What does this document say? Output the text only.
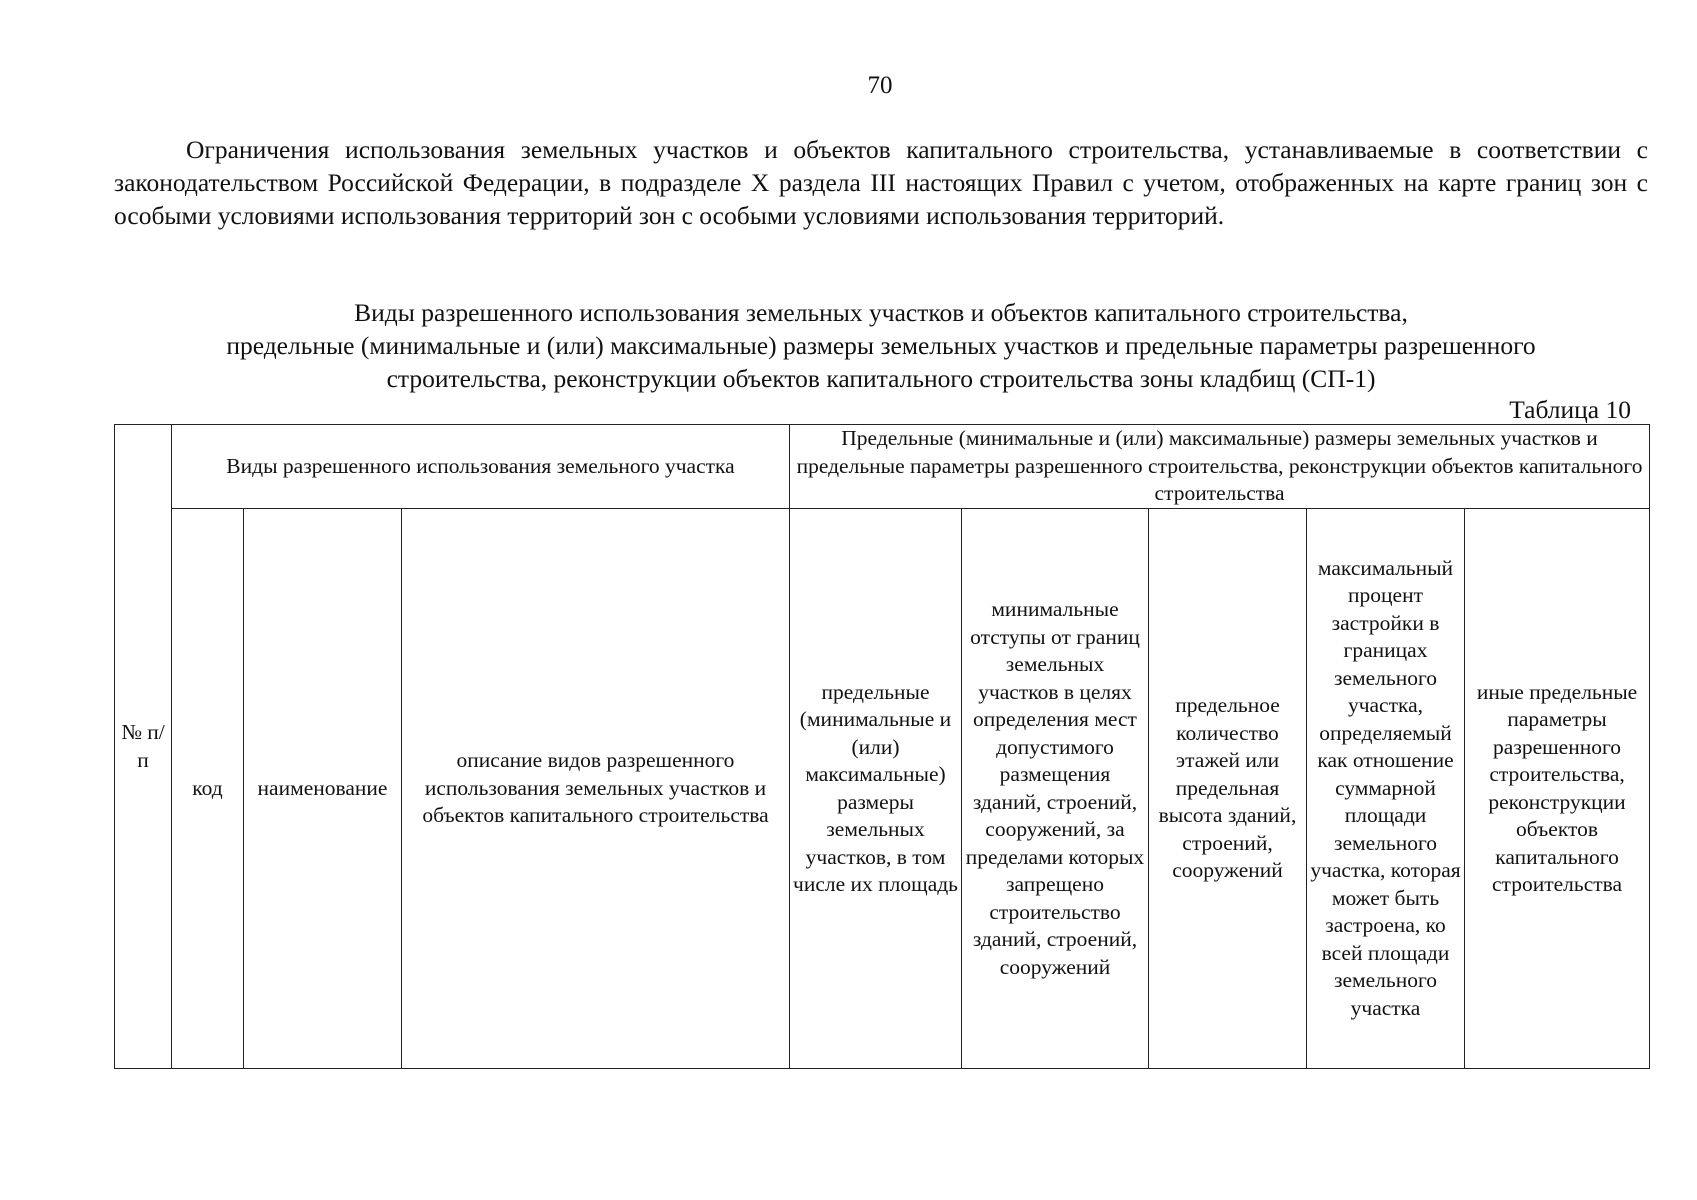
70

Ограничения использования земельных участков и объектов капитального строительства, устанавливаемые в соответствии с законодательством Российской Федерации, в подразделе X раздела III настоящих Правил с учетом, отображенных на карте границ зон с особыми условиями использования территорий зон с особыми условиями использования территорий.

Виды разрешенного использования земельных участков и объектов капитального строительства,
предельные (минимальные и (или) максимальные) размеры земельных участков и предельные параметры разрешенного
строительства, реконструкции объектов капитального строительства зоны кладбищ (СП-1)
Таблица 10
№ п/п	Виды разрешенного использования земельного участка			Предельные (минимальные и (или) максимальные) размеры земельных участков и предельные параметры разрешенного строительства, реконструкции объектов капитального строительства				
	код	наименование	описание видов разрешенного использования земельных участков и объектов капитального строительства	предельные (минимальные и (или) максимальные) размеры земельных участков, в том числе их площадь	минимальные отступы от границ земельных участков в целях определения мест допустимого размещения зданий, строений, сооружений, за пределами которых запрещено строительство зданий, строений, сооружений	предельное количество этажей или предельная высота зданий, строений, сооружений	максимальный процент застройки в границах земельного участка, определяемый как отношение суммарной площади земельного участка, которая может быть застроена, ко всей площади земельного участка	иные предельные параметры разрешенного строительства, реконструкции объектов капитального строительства
